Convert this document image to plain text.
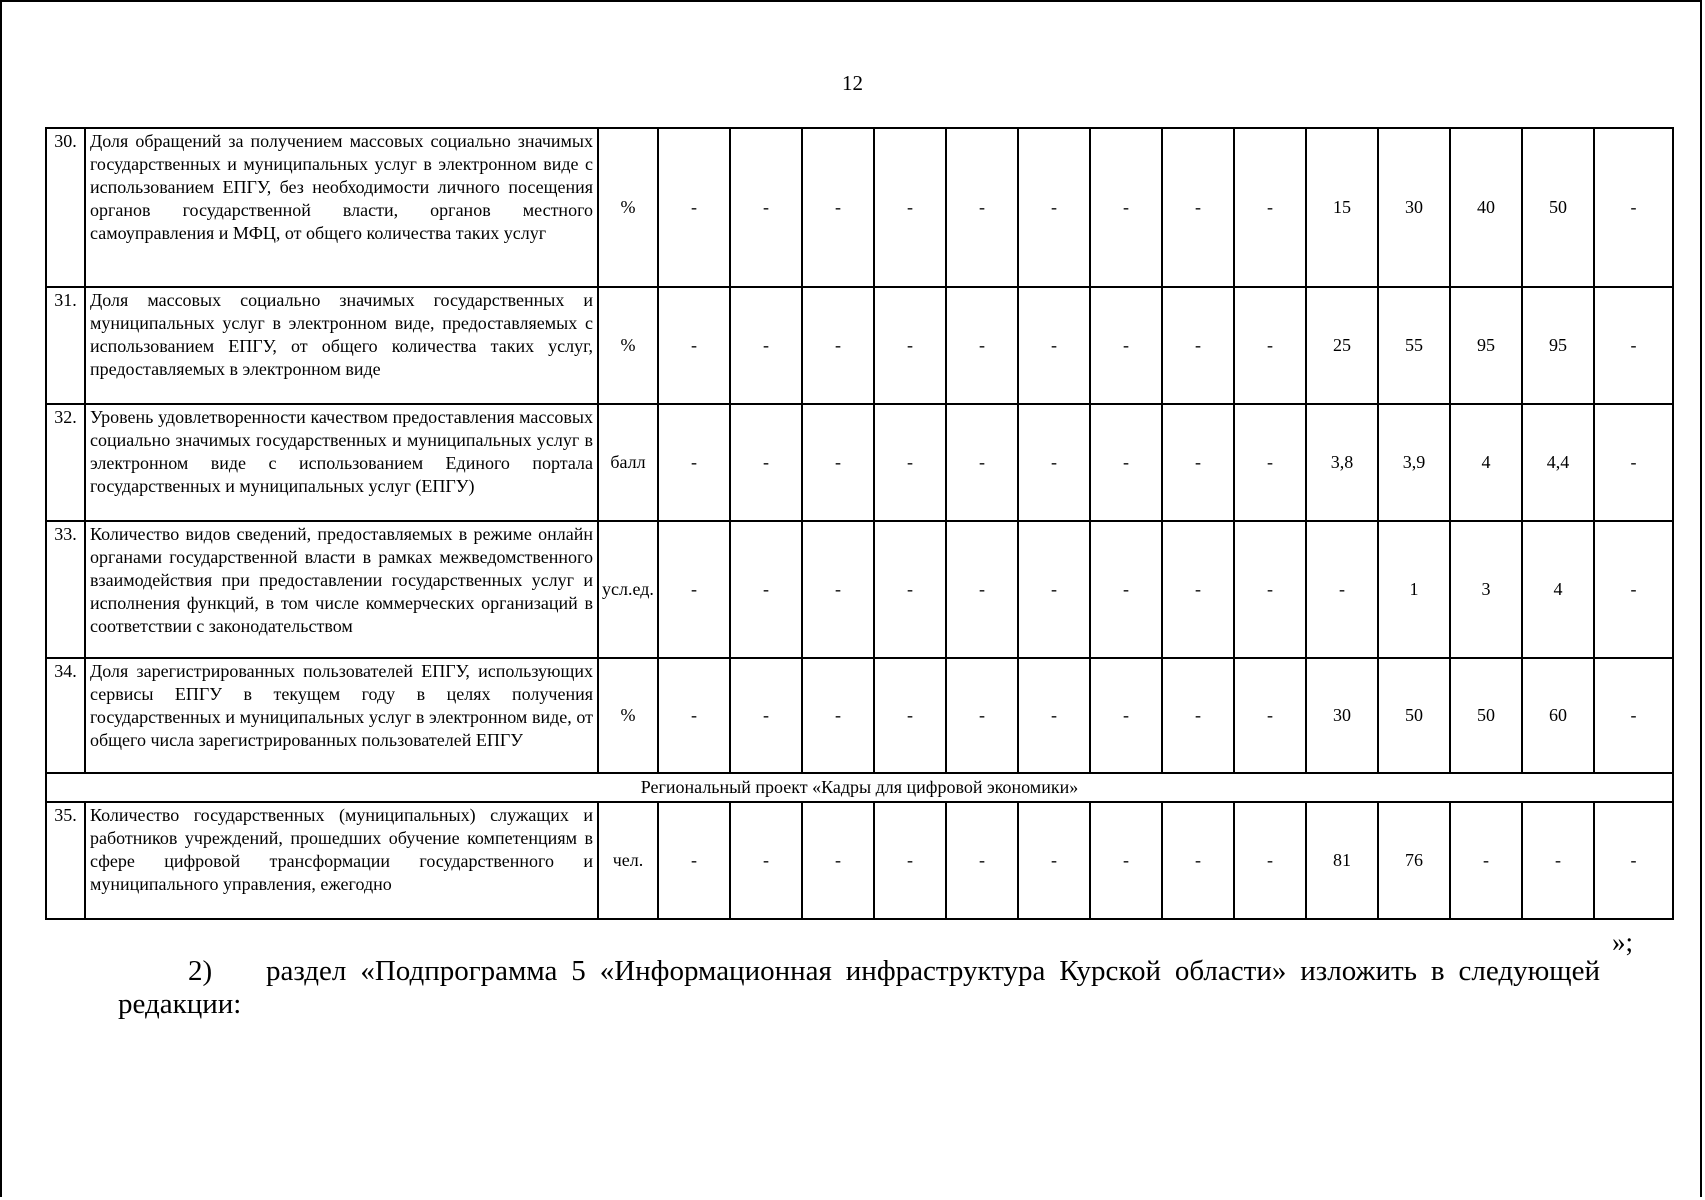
12
30.	Доля обращений за получением массовых социально значимых государственных и муниципальных услуг в электронном виде с использованием ЕПГУ, без необходимости личного посещения органов государственной власти, органов местного самоуправления и МФЦ, от общего количества таких услуг	%	-	-	-	-	-	-	-	-	-	15	30	40	50	-
31.	Доля массовых социально значимых государственных и муниципальных услуг в электронном виде, предоставляемых с использованием ЕПГУ, от общего количества таких услуг, предоставляемых в электронном виде	%	-	-	-	-	-	-	-	-	-	25	55	95	95	-
32.	Уровень удовлетворенности качеством предоставления массовых социально значимых государственных и муниципальных услуг в электронном виде с использованием Единого портала государственных и муниципальных услуг (ЕПГУ)	балл	-	-	-	-	-	-	-	-	-	3,8	3,9	4	4,4	-
33.	Количество видов сведений, предоставляемых в режиме онлайн органами государственной власти в рамках межведомственного взаимодействия при предоставлении государственных услуг и исполнения функций, в том числе коммерческих организаций в соответствии с законодательством	усл.ед.	-	-	-	-	-	-	-	-	-	-	1	3	4	-
34.	Доля зарегистрированных пользователей ЕПГУ, использующих сервисы ЕПГУ в текущем году в целях получения государственных и муниципальных услуг в электронном виде, от общего числа зарегистрированных пользователей ЕПГУ	%	-	-	-	-	-	-	-	-	-	30	50	50	60	-
Региональный проект «Кадры для цифровой экономики»																
35.	Количество государственных (муниципальных) служащих и работников учреждений, прошедших обучение компетенциям в сфере цифровой трансформации государственного и муниципального управления, ежегодно	чел.	-	-	-	-	-	-	-	-	-	81	76	-	-	-
»;
2) раздел «Подпрограмма 5 «Информационная инфраструктура Курской области» изложить в следующей редакции:
